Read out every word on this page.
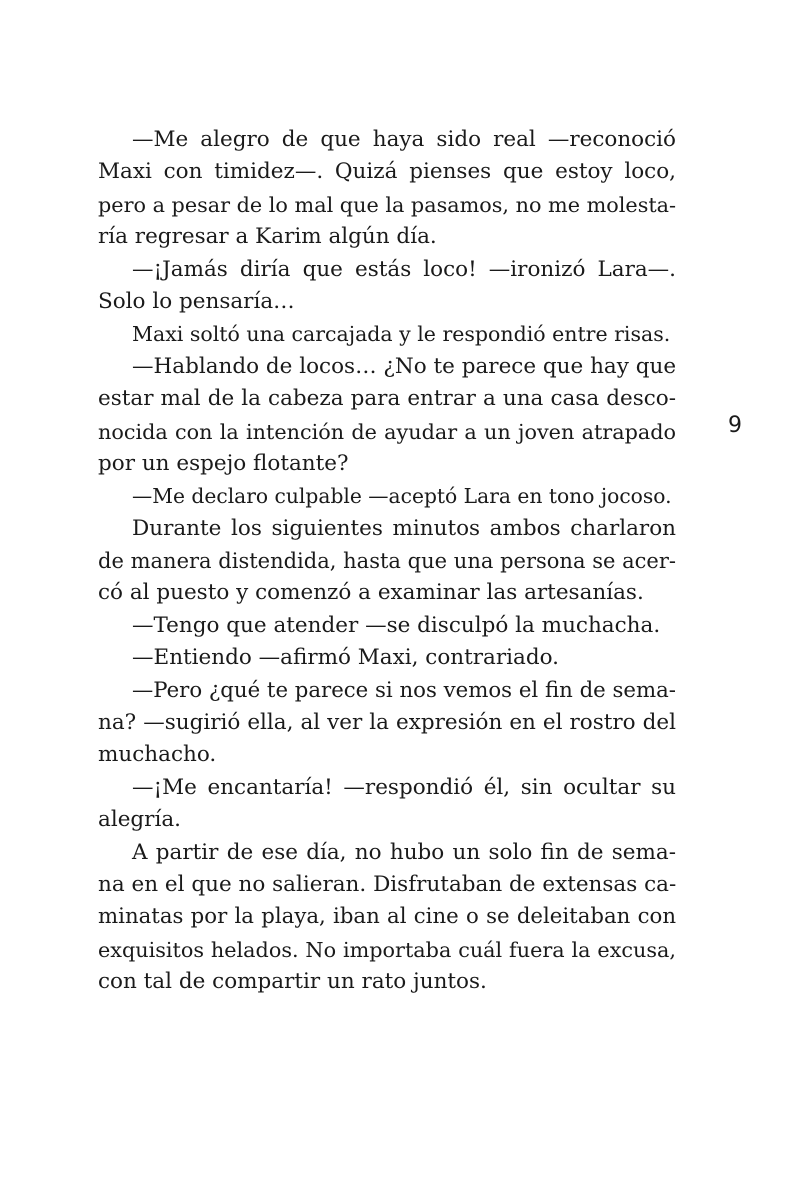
—Me alegro de que haya sido real —reconoció
Maxi con timidez—. Quizá pienses que estoy loco,
pero a pesar de lo mal que la pasamos, no me molesta-
ría regresar a Karim algún día.
—¡Jamás diría que estás loco! —ironizó Lara—.
Solo lo pensaría…
Maxi soltó una carcajada y le respondió entre risas.
—Hablando de locos… ¿No te parece que hay que
estar mal de la cabeza para entrar a una casa desco-
nocida con la intención de ayudar a un joven atrapado
por un espejo flotante?
—Me declaro culpable —aceptó Lara en tono jocoso.
Durante los siguientes minutos ambos charlaron
de manera distendida, hasta que una persona se acer-
có al puesto y comenzó a examinar las artesanías.
—Tengo que atender —se disculpó la muchacha.
—Entiendo —afirmó Maxi, contrariado.
—Pero ¿qué te parece si nos vemos el fin de sema-
na? —sugirió ella, al ver la expresión en el rostro del
muchacho.
—¡Me encantaría! —respondió él, sin ocultar su
alegría.
A partir de ese día, no hubo un solo fin de sema-
na en el que no salieran. Disfrutaban de extensas ca-
minatas por la playa, iban al cine o se deleitaban con
exquisitos helados. No importaba cuál fuera la excusa,
con tal de compartir un rato juntos.
9
